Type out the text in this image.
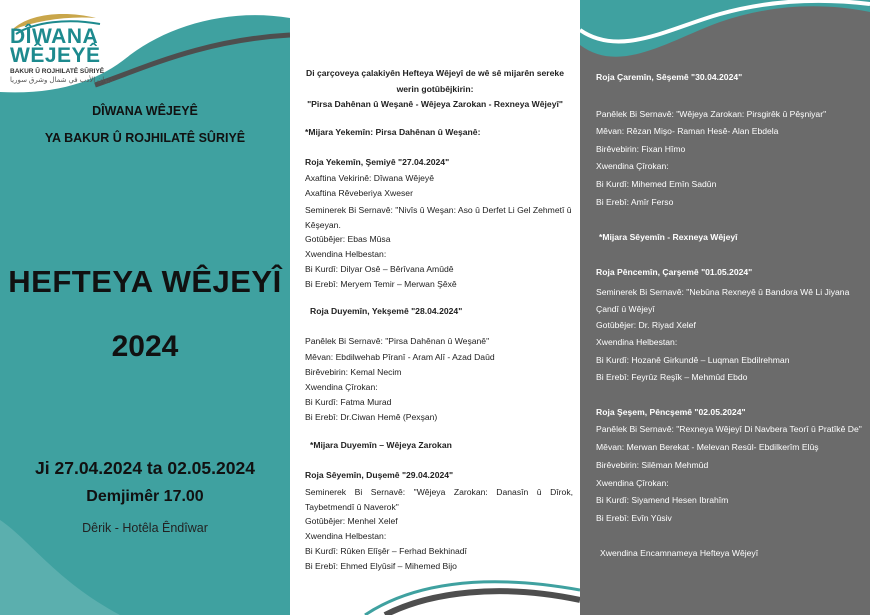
DÎWANA
WÊJEYÊ
BAKUR Û ROJHILATÊ SÛRIYÊ
ديوان الأدب في شمال وشرق سوريا
DÎWANA WÊJEYÊ
YA BAKUR Û ROJHILATÊ SÛRIYÊ
HEFTEYA WÊJEYÎ
2024
Ji 27.04.2024 ta 02.05.2024
Demjimêr 17.00
Dêrik - Hotêla Êndîwar
Di çarçoveya çalakiyên Hefteya Wêjeyî de wê sê mijarên sereke
werin gotûbêjkirin:
"Pirsa Dahênan û Weşanê - Wêjeya Zarokan - Rexneya Wêjeyî"
*Mijara Yekemîn: Pirsa Dahênan û Weşanê:
Roja Yekemîn, Şemiyê "27.04.2024"
Axaftina Vekirinê: Dîwana Wêjeyê
Axaftina Rêveberiya Xweser
Seminerek Bi Sernavê: "Nivîs û Weşan: Aso û Derfet Li Gel Zehmetî û Kêşeyan.
Gotûbêjer: Ebas Mûsa
Xwendina Helbestan:
Bi Kurdî: Dilyar Osê – Bêrîvana Amûdê
Bi Erebî: Meryem Temir – Merwan Şêxê
Roja Duyemîn, Yekşemê "28.04.2024"
Panêlek Bi Sernavê: "Pirsa Dahênan û Weşanê"
Mêvan: Ebdilwehab Pîranî - Aram Alî - Azad Daûd
Birêvebirin: Kemal Necim
Xwendina Çîrokan:
Bi Kurdî: Fatma Murad
Bi Erebî: Dr.Ciwan Hemê (Pexşan)
*Mijara Duyemîn – Wêjeya Zarokan
Roja Sêyemîn, Duşemê "29.04.2024"
Seminerek Bi Sernavê: "Wêjeya Zarokan: Danasîn û Dîrok, Taybetmendî û Naverok"
Gotûbêjer: Menhel Xelef
Xwendina Helbestan:
Bi Kurdî: Rûken Elîşêr – Ferhad Bekhinadî
Bi Erebî: Ehmed Elyûsif – Mihemed Bijo
Roja Çaremîn, Sêşemê "30.04.2024"
Panêlek Bi Sernavê: "Wêjeya Zarokan: Pirsgirêk û Pêşniyar"
Mêvan: Rêzan Mişo- Raman Hesê- Alan Ebdela
Birêvebirin: Fixan Hîmo
Xwendina Çîrokan:
Bi Kurdî: Mihemed Emîn Sadûn
Bi Erebî: Amîr Ferso
*Mijara Sêyemîn - Rexneya Wêjeyî
Roja Pêncemîn, Çarşemê "01.05.2024"
Seminerek Bi Sernavê: "Nebûna Rexneyê û Bandora Wê Li Jiyana Çandî û Wêjeyî
Gotûbêjer: Dr. Riyad Xelef
Xwendina Helbestan:
Bi Kurdî: Hozanê Girkundê – Luqman Ebdilrehman
Bi Erebî: Feyrûz Reşîk – Mehmûd Ebdo
Roja Şeşem, Pêncşemê "02.05.2024"
Panêlek Bi Sernavê: "Rexneya Wêjeyî Di Navbera Teorî û Pratîkê De"
Mêvan: Merwan Berekat - Melevan Resûl- Ebdilkerîm Elûş
Birêvebirin: Silêman Mehmûd
Xwendina Çîrokan:
Bi Kurdî: Siyamend Hesen Ibrahîm
Bi Erebî: Evîn Yûsiv
Xwendina Encamnameya Hefteya Wêjeyî
